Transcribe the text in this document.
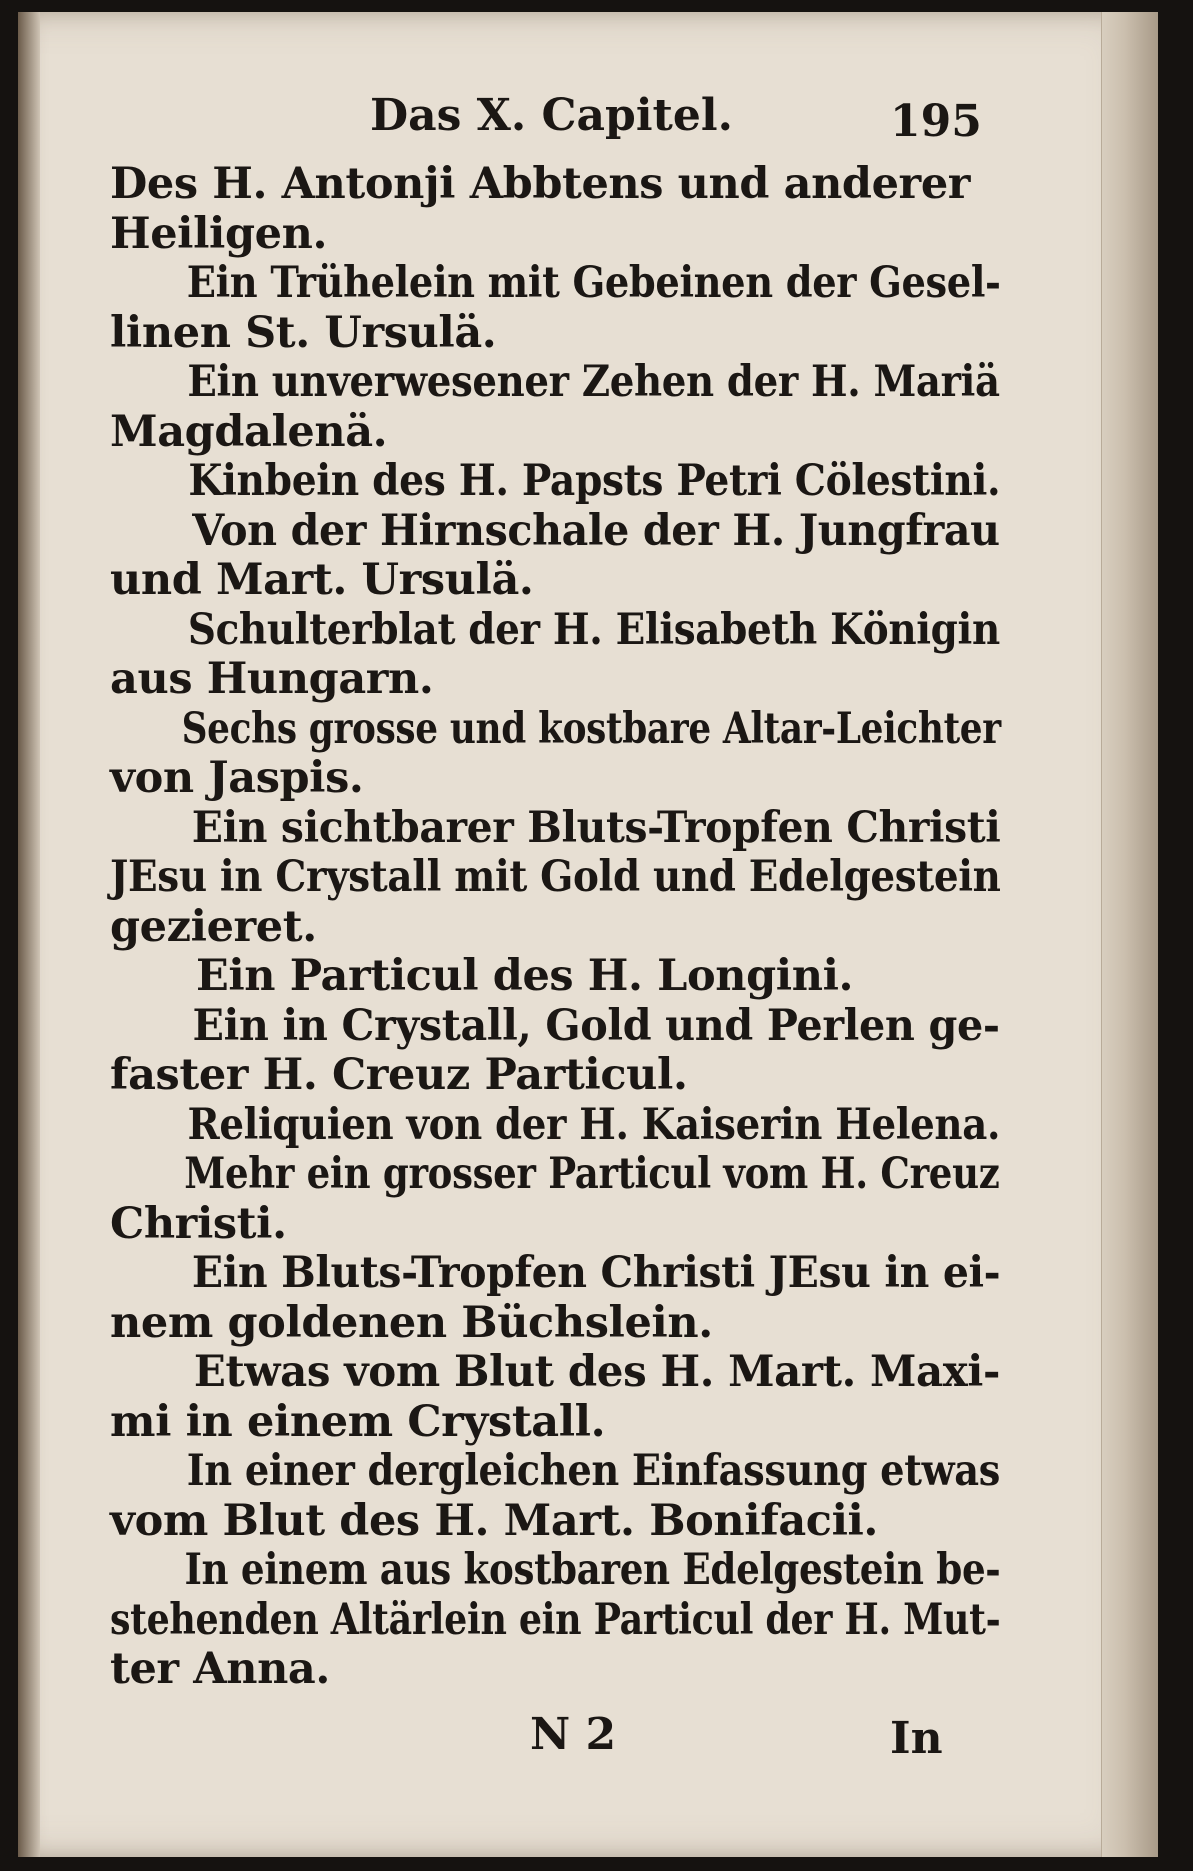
Das X. Capitel.	195
Des H. Antonji Abbtens und anderer
Heiligen.
Ein Trühelein mit Gebeinen der Gesel-
linen St. Ursulä.
Ein unverwesener Zehen der H. Mariä
Magdalenä.
Kinbein des H. Papsts Petri Cölestini.
Von der Hirnschale der H. Jungfrau
und Mart. Ursulä.
Schulterblat der H. Elisabeth Königin
aus Hungarn.
Sechs grosse und kostbare Altar-Leichter
von Jaspis.
Ein sichtbarer Bluts-Tropfen Christi
JEsu in Crystall mit Gold und Edelgestein
gezieret.
Ein Particul des H. Longini.
Ein in Crystall, Gold und Perlen ge-
faster H. Creuz Particul.
Reliquien von der H. Kaiserin Helena.
Mehr ein grosser Particul vom H. Creuz
Christi.
Ein Bluts-Tropfen Christi JEsu in ei-
nem goldenen Büchslein.
Etwas vom Blut des H. Mart. Maxi-
mi in einem Crystall.
In einer dergleichen Einfassung etwas
vom Blut des H. Mart. Bonifacii.
In einem aus kostbaren Edelgestein be-
stehenden Altärlein ein Particul der H. Mut-
ter Anna.
N 2	In
